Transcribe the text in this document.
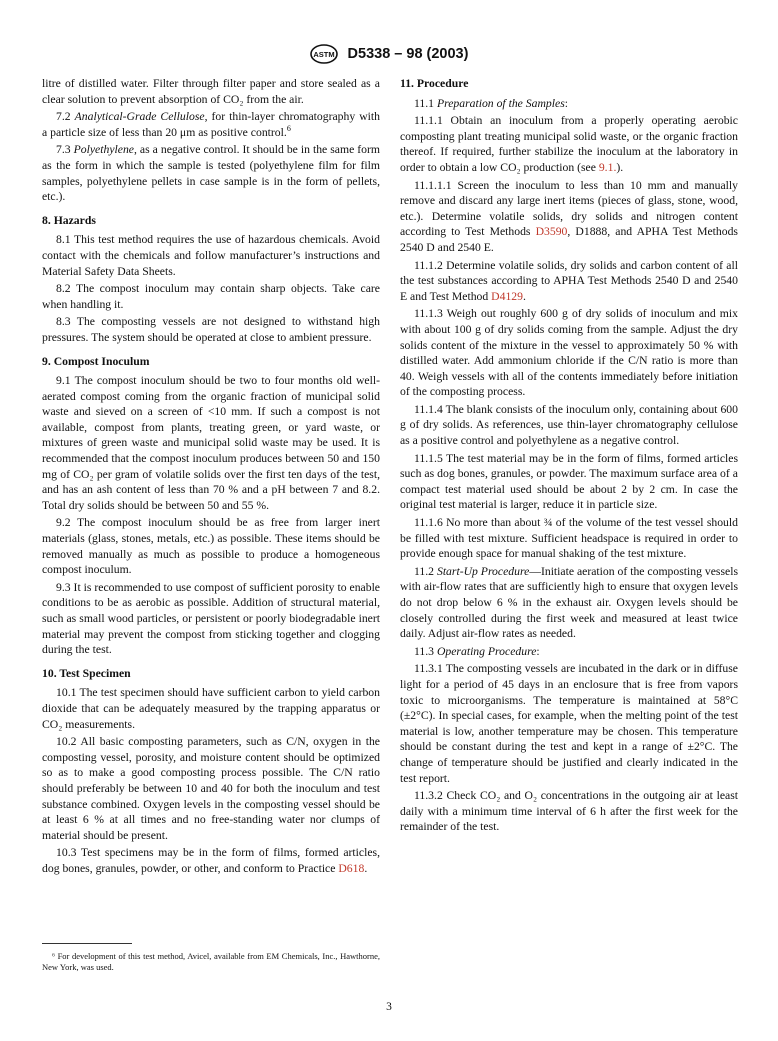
ASTM D5338 – 98 (2003)

litre of distilled water. Filter through filter paper and store sealed as a clear solution to prevent absorption of CO₂ from the air.

7.2 Analytical-Grade Cellulose, for thin-layer chromatography with a particle size of less than 20 μm as positive control.$^6$

7.3 Polyethylene, as a negative control. It should be in the same form as the form in which the sample is tested (polyethylene film for film samples, polyethylene pellets in case sample is in the form of pellets, etc.).

8. Hazards

8.1 This test method requires the use of hazardous chemicals. Avoid contact with the chemicals and follow manufacturer’s instructions and Material Safety Data Sheets.

8.2 The compost inoculum may contain sharp objects. Take care when handling it.

8.3 The composting vessels are not designed to withstand high pressures. The system should be operated at close to ambient pressure.

9. Compost Inoculum

9.1 The compost inoculum should be two to four months old well-aerated compost coming from the organic fraction of municipal solid waste and sieved on a screen of <10 mm. If such a compost is not available, compost from plants, treating green, or yard waste, or mixtures of green waste and municipal solid waste may be used. It is recommended that the compost inoculum produces between 50 and 150 mg of CO₂ per gram of volatile solids over the first ten days of the test, and has an ash content of less than 70 % and a pH between 7 and 8.2. Total dry solids should be between 50 and 55 %.

9.2 The compost inoculum should be as free from larger inert materials (glass, stones, metals, etc.) as possible. These items should be removed manually as much as possible to produce a homogeneous compost inoculum.

9.3 It is recommended to use compost of sufficient porosity to enable conditions to be as aerobic as possible. Addition of structural material, such as small wood particles, or persistent or poorly biodegradable inert material may prevent the compost from sticking together and clogging during the test.

10. Test Specimen

10.1 The test specimen should have sufficient carbon to yield carbon dioxide that can be adequately measured by the trapping apparatus or CO₂ measurements.

10.2 All basic composting parameters, such as C/N, oxygen in the composting vessel, porosity, and moisture content should be optimized so as to make a good composting process possible. The C/N ratio should preferably be between 10 and 40 for both the inoculum and test substance combined. Oxygen levels in the composting vessel should be at least 6 % at all times and no free-standing water nor clumps of material should be present.

10.3 Test specimens may be in the form of films, formed articles, dog bones, granules, powder, or other, and conform to Practice D618.

11. Procedure

11.1 Preparation of the Samples:

11.1.1 Obtain an inoculum from a properly operating aerobic composting plant treating municipal solid waste, or the organic fraction thereof. If required, further stabilize the inoculum at the laboratory in order to obtain a low CO₂ production (see 9.1.).

11.1.1.1 Screen the inoculum to less than 10 mm and manually remove and discard any large inert items (pieces of glass, stone, wood, etc.). Determine volatile solids, dry solids and nitrogen content according to Test Methods D3590, D1888, and APHA Test Methods 2540 D and 2540 E.

11.1.2 Determine volatile solids, dry solids and carbon content of all the test substances according to APHA Test Methods 2540 D and 2540 E and Test Method D4129.

11.1.3 Weigh out roughly 600 g of dry solids of inoculum and mix with about 100 g of dry solids coming from the sample. Adjust the dry solids content of the mixture in the vessel to approximately 50 % with distilled water. Add ammonium chloride if the C/N ratio is more than 40. Weigh vessels with all of the contents immediately before initiation of the composting process.

11.1.4 The blank consists of the inoculum only, containing about 600 g of dry solids. As references, use thin-layer chromatography cellulose as a positive control and polyethylene as a negative control.

11.1.5 The test material may be in the form of films, formed articles such as dog bones, granules, or powder. The maximum surface area of a compact test material used should be about 2 by 2 cm. In case the original test material is larger, reduce it in particle size.

11.1.6 No more than about ¾ of the volume of the test vessel should be filled with test mixture. Sufficient headspace is required in order to provide enough space for manual shaking of the test mixture.

11.2 Start-Up Procedure—Initiate aeration of the composting vessels with air-flow rates that are sufficiently high to ensure that oxygen levels do not drop below 6 % in the exhaust air. Oxygen levels should be closely controlled during the first week and measured at least twice daily. Adjust air-flow rates as needed.

11.3 Operating Procedure:

11.3.1 The composting vessels are incubated in the dark or in diffuse light for a period of 45 days in an enclosure that is free from vapors toxic to microorganisms. The temperature is maintained at 58°C (±2°C). In special cases, for example, when the melting point of the test material is low, another temperature may be chosen. This temperature should be constant during the test and kept in a range of ±2°C. The change of temperature should be justified and clearly indicated in the test report.

11.3.2 Check CO₂ and O₂ concentrations in the outgoing air at least daily with a minimum time interval of 6 h after the first week for the remainder of the test.

⁶ For development of this test method, Avicel, available from EM Chemicals, Inc., Hawthorne, New York, was used.
3
